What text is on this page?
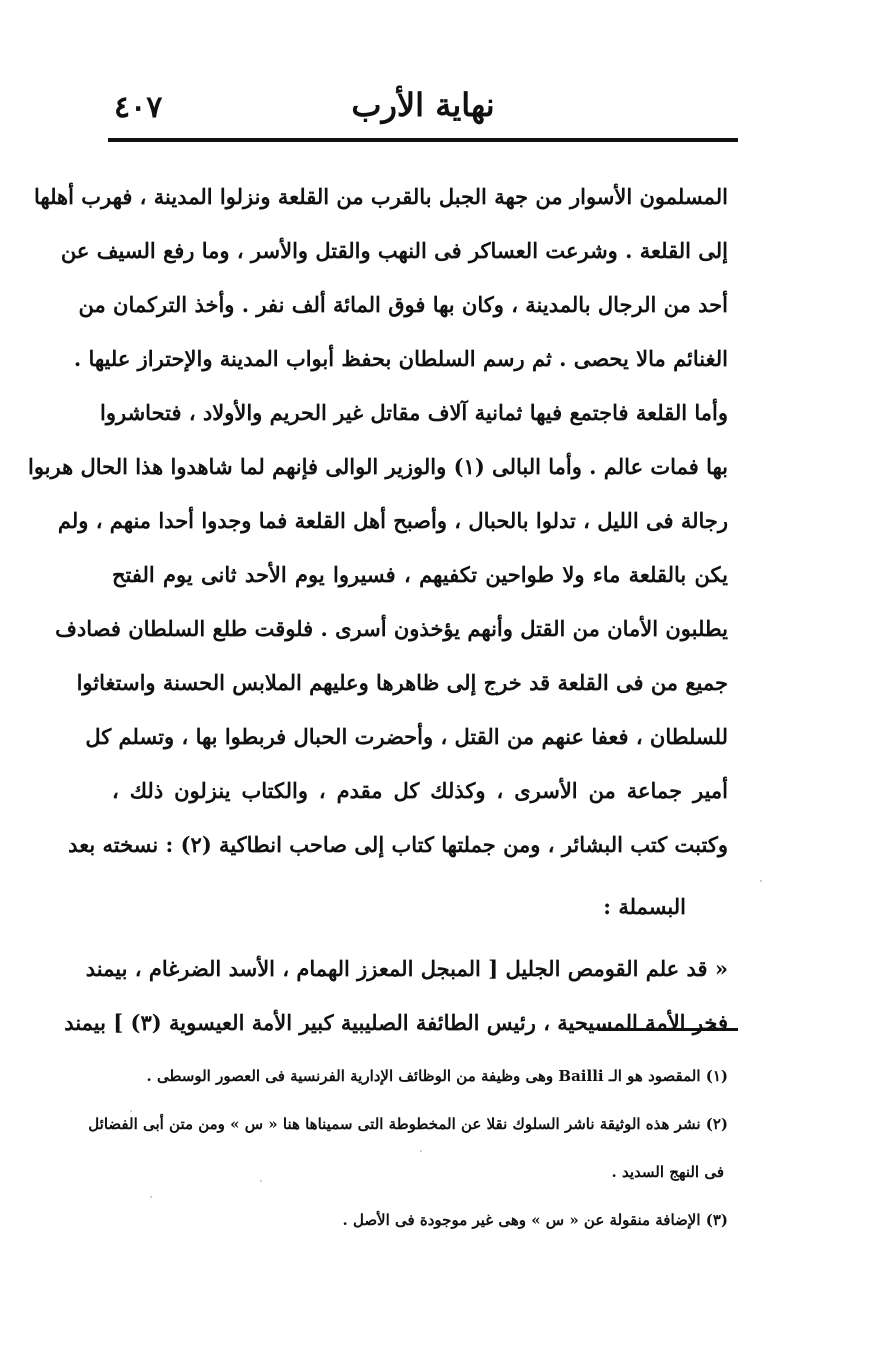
٤٠٧	نهاية الأرب
المسلمون الأسوار من جهة الجبل بالقرب من القلعة ونزلوا المدينة ، فهرب أهلها
إلى القلعة . وشرعت العساكر فى النهب والقتل والأسر ، وما رفع السيف عن
أحد من الرجال بالمدينة ، وكان بها فوق المائة ألف نفر . وأخذ التركمان من
الغنائم مالا يحصى . ثم رسم السلطان بحفظ أبواب المدينة والإحتراز عليها .
وأما القلعة فاجتمع فيها ثمانية آلاف مقاتل غير الحريم والأولاد ، فتحاشروا
بها فمات عالم . وأما البالى (١) والوزير الوالى فإنهم لما شاهدوا هذا الحال هربوا
رجالة فى الليل ، تدلوا بالحبال ، وأصبح أهل القلعة فما وجدوا أحدا منهم ، ولم
يكن بالقلعة ماء ولا طواحين تكفيهم ، فسيروا يوم الأحد ثانى يوم الفتح
يطلبون الأمان من القتل وأنهم يؤخذون أسرى . فلوقت طلع السلطان فصادف
جميع من فى القلعة قد خرج إلى ظاهرها وعليهم الملابس الحسنة واستغاثوا
للسلطان ، فعفا عنهم من القتل ، وأحضرت الحبال فربطوا بها ، وتسلم كل
أمير جماعة من الأسرى ، وكذلك كل مقدم ، والكتاب ينزلون ذلك ،
وكتبت كتب البشائر ، ومن جملتها كتاب إلى صاحب انطاكية (٢) : نسخته بعد
البسملة :
« قد علم القومص الجليل [ المبجل المعزز الهمام ، الأسد الضرغام ، بيمند
فخر الأمة المسيحية ، رئيس الطائفة الصليبية كبير الأمة العيسوية (٣) ] بيمند
(١) المقصود هو الـ Bailli وهى وظيفة من الوظائف الإدارية الفرنسية فى العصور الوسطى .
(٢) نشر هذه الوثيقة ناشر السلوك نقلا عن المخطوطة التى سميناها هنا « س » ومن متن أبى الفضائل
فى النهج السديد .
(٣) الإضافة منقولة عن « س » وهى غير موجودة فى الأصل .
